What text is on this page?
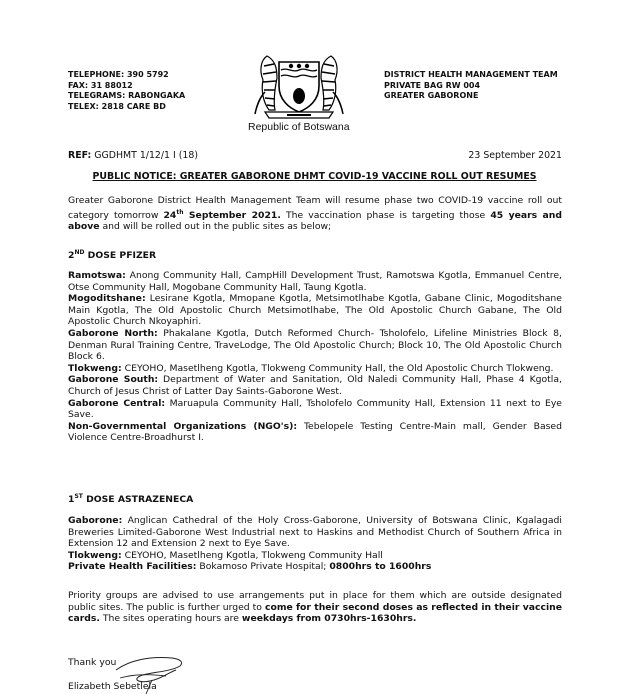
TELEPHONE: 390 5792
FAX: 31 88012
TELEGRAMS: RABONGAKA
TELEX: 2818 CARE BD
Republic of Botswana
DISTRICT HEALTH MANAGEMENT TEAM
PRIVATE BAG RW 004
GREATER GABORONE
REF: GGDHMT 1/12/1 I (18)	23 September 2021
PUBLIC NOTICE: GREATER GABORONE DHMT COVID-19 VACCINE ROLL OUT RESUMES
Greater Gaborone District Health Management Team will resume phase two COVID-19 vaccine roll out category tomorrow 24th September 2021. The vaccination phase is targeting those 45 years and above and will be rolled out in the public sites as below;
2ND DOSE PFIZER

Ramotswa: Anong Community Hall, CampHill Development Trust, Ramotswa Kgotla, Emmanuel Centre, Otse Community Hall, Mogobane Community Hall, Taung Kgotla.

Mogoditshane: Lesirane Kgotla, Mmopane Kgotla, Metsimotlhabe Kgotla, Gabane Clinic, Mogoditshane Main Kgotla, The Old Apostolic Church Metsimotlhabe, The Old Apostolic Church Gabane, The Old Apostolic Church Nkoyaphiri.

Gaborone North: Phakalane Kgotla, Dutch Reformed Church- Tsholofelo, Lifeline Ministries Block 8, Denman Rural Training Centre, TraveLodge, The Old Apostolic Church; Block 10, The Old Apostolic Church Block 6.

Tlokweng: CEYOHO, Masetlheng Kgotla, Tlokweng Community Hall, the Old Apostolic Church Tlokweng.

Gaborone South: Department of Water and Sanitation, Old Naledi Community Hall, Phase 4 Kgotla, Church of Jesus Christ of Latter Day Saints-Gaborone West.

Gaborone Central: Maruapula Community Hall, Tsholofelo Community Hall, Extension 11 next to Eye Save.

Non-Governmental Organizations (NGO's): Tebelopele Testing Centre-Main mall, Gender Based Violence Centre-Broadhurst I.

1ST DOSE ASTRAZENECA

Gaborone: Anglican Cathedral of the Holy Cross-Gaborone, University of Botswana Clinic, Kgalagadi Breweries Limited-Gaborone West Industrial next to Haskins and Methodist Church of Southern Africa in Extension 12 and Extension 2 next to Eye Save.

Tlokweng: CEYOHO, Masetlheng Kgotla, Tlokweng Community Hall

Private Health Facilities: Bokamoso Private Hospital; 0800hrs to 1600hrs

Priority groups are advised to use arrangements put in place for them which are outside designated public sites. The public is further urged to come for their second doses as reflected in their vaccine cards. The sites operating hours are weekdays from 0730hrs-1630hrs.
Thank you
Elizabeth Sebetlela
